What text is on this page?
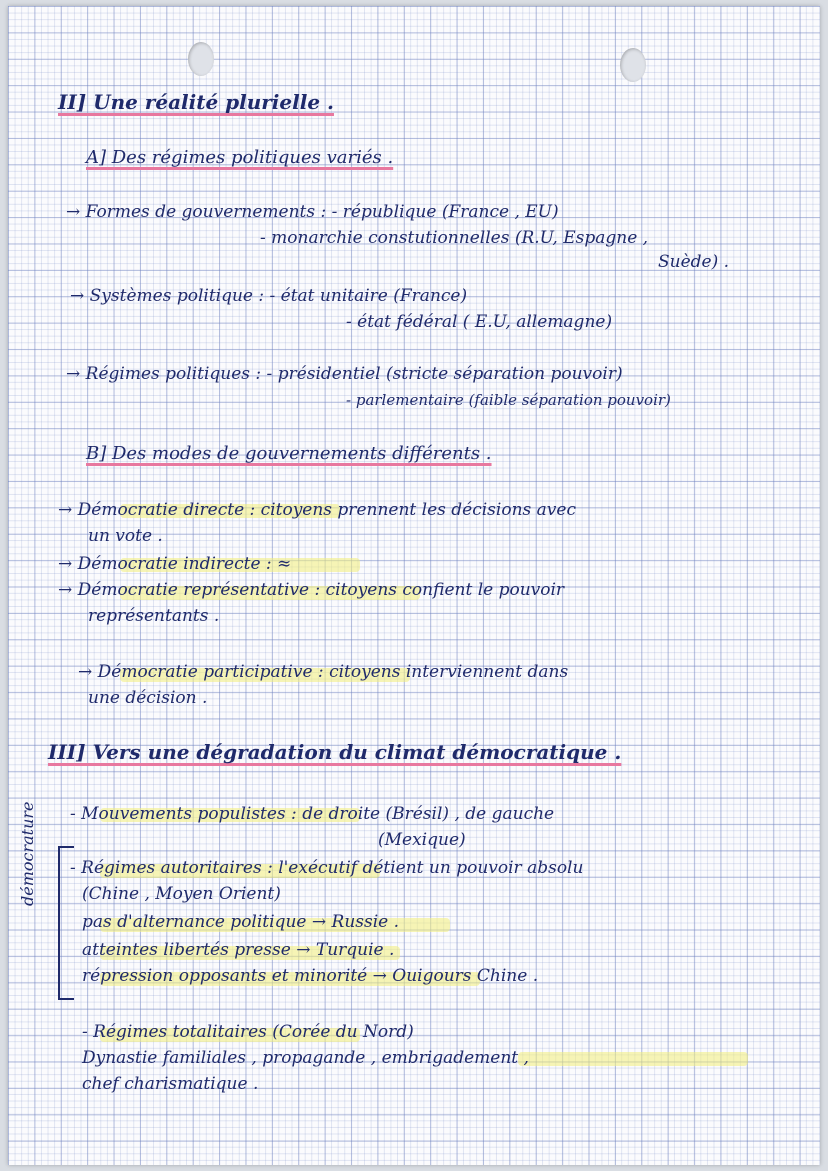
II] Une réalité plurielle .
A] Des régimes politiques variés .
→ Formes de gouvernements : - république (France , EU)
- monarchie constutionnelles (R.U, Espagne ,
Suède) .
→ Systèmes politique : - état unitaire (France)
- état fédéral ( E.U, allemagne)
→ Régimes politiques : - présidentiel (stricte séparation pouvoir)
- parlementaire (faible séparation pouvoir)
B] Des modes de gouvernements différents .
→ Démocratie directe : citoyens prennent les décisions avec
un vote .
→ Démocratie indirecte : ≈
→ Démocratie représentative : citoyens confient le pouvoir
représentants .
→ Démocratie participative : citoyens interviennent dans
une décision .
III] Vers une dégradation du climat démocratique .
démocrature - Mouvements populistes : de droite (Brésil) , de gauche
(Mexique)
- Régimes autoritaires : l'exécutif détient un pouvoir absolu
(Chine , Moyen Orient)
pas d'alternance politique → Russie .
atteintes libertés presse → Turquie .
répression opposants et minorité → Ouigours Chine .
- Régimes totalitaires (Corée du Nord)
Dynastie familiales , propagande , embrigadement ,
chef charismatique .
